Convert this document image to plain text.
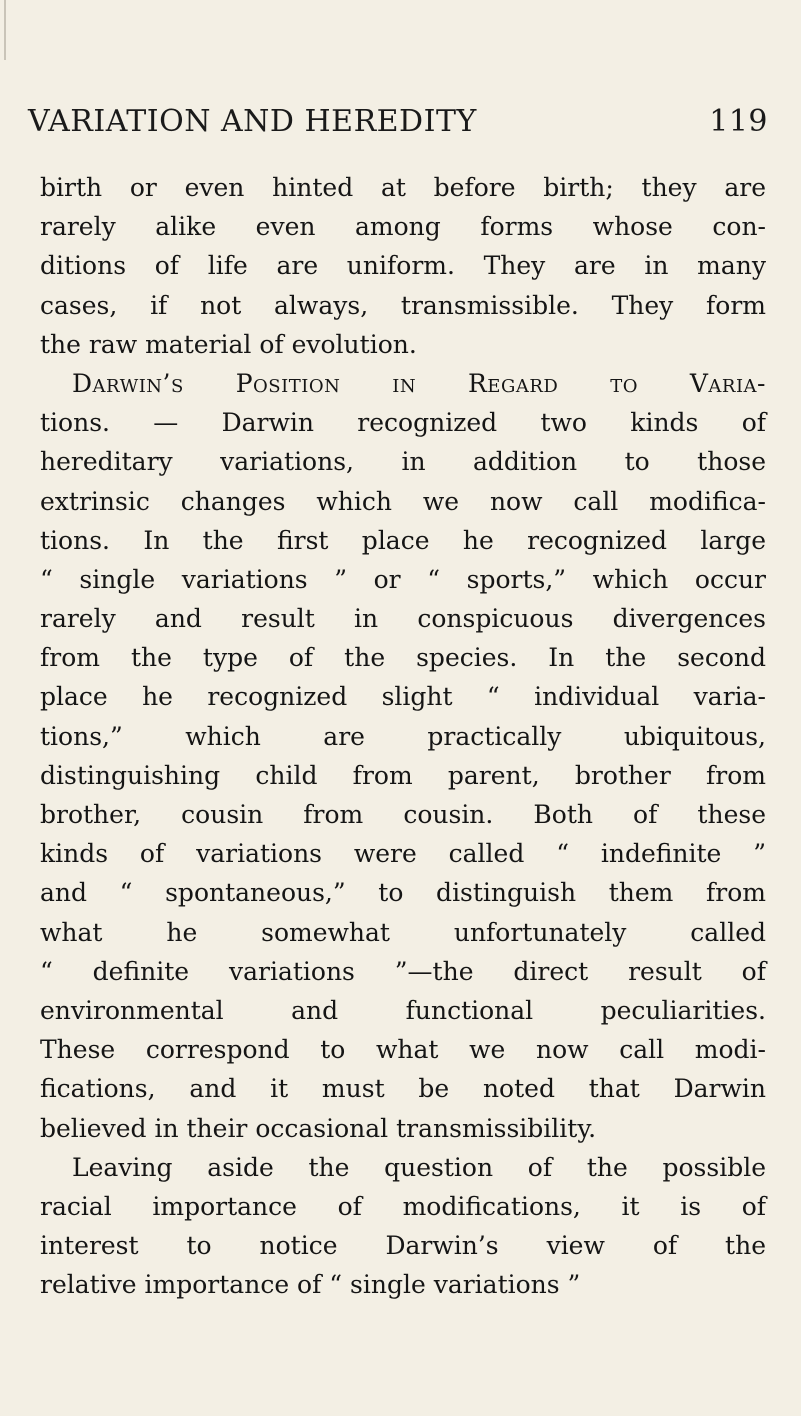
VARIATION AND HEREDITY	119
birth or even hinted at before birth; they are
rarely alike even among forms whose con-
ditions of life are uniform. They are in many
cases, if not always, transmissible. They form
the raw material of evolution.
Darwin’s Position in Regard to Varia-
tions. — Darwin recognized two kinds of
hereditary variations, in addition to those
extrinsic changes which we now call modifica-
tions. In the first place he recognized large
“ single variations ” or “ sports,” which occur
rarely and result in conspicuous divergences
from the type of the species. In the second
place he recognized slight “ individual varia-
tions,” which are practically ubiquitous,
distinguishing child from parent, brother from
brother, cousin from cousin. Both of these
kinds of variations were called “ indefinite ”
and “ spontaneous,” to distinguish them from
what he somewhat unfortunately called
“ definite variations ”—the direct result of
environmental and functional peculiarities.
These correspond to what we now call modi-
fications, and it must be noted that Darwin
believed in their occasional transmissibility.
Leaving aside the question of the possible
racial importance of modifications, it is of
interest to notice Darwin’s view of the
relative importance of “ single variations ”
